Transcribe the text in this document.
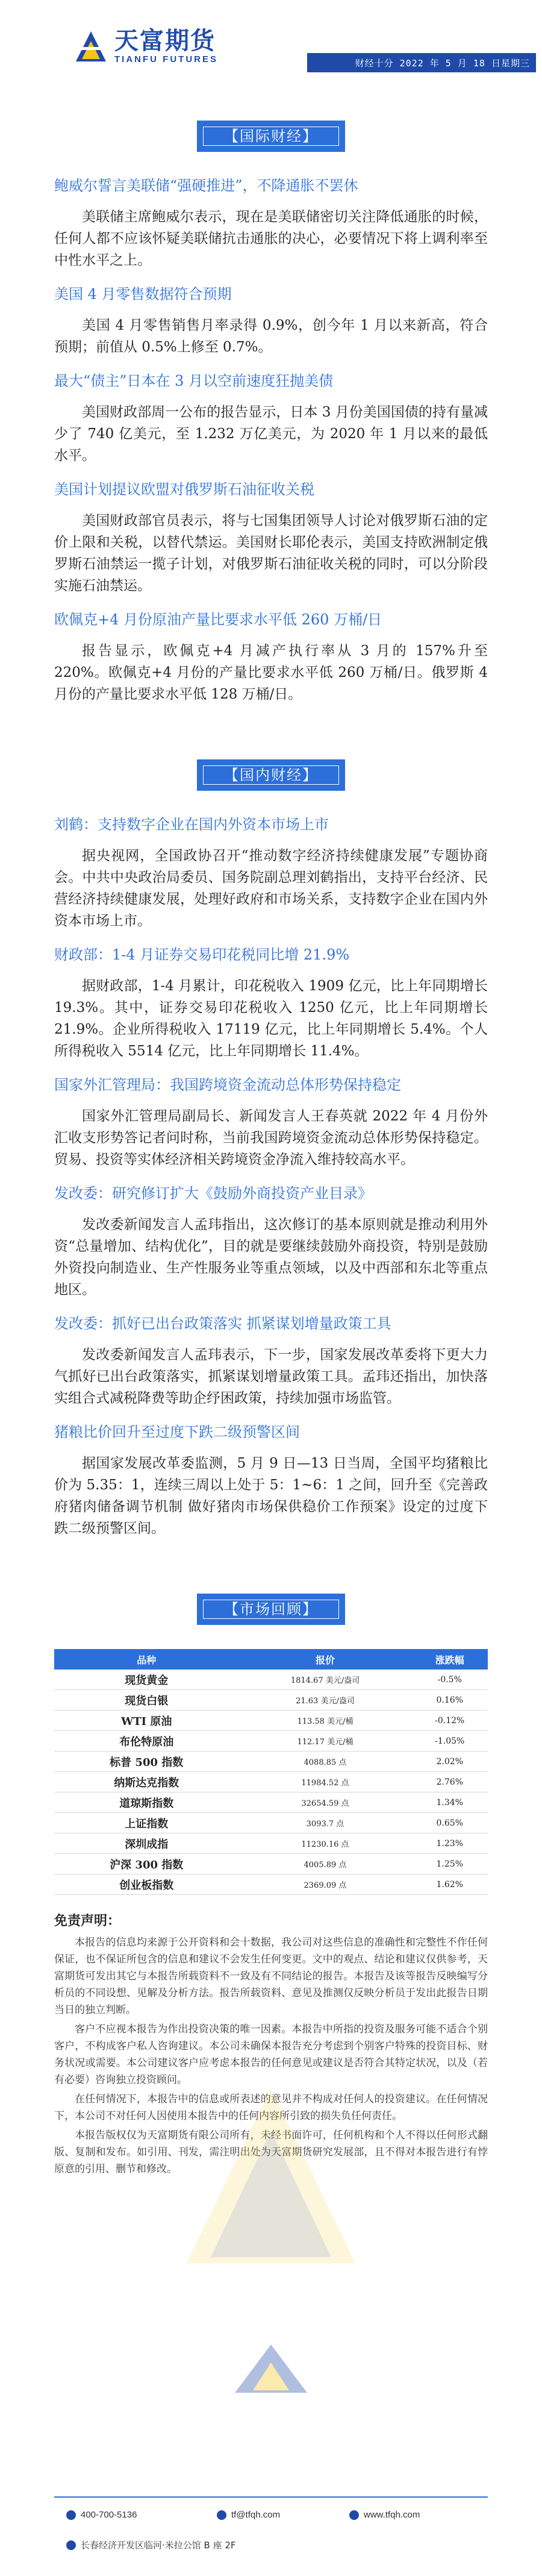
天富期货
TIANFU FUTURES	财经十分 2022 年 5 月 18 日星期三
【国际财经】
鲍威尔誓言美联储“强硬推进”，不降通胀不罢休

美联储主席鲍威尔表示，现在是美联储密切关注降低通胀的时候，任何人都不应该怀疑美联储抗击通胀的决心，必要情况下将上调利率至中性水平之上。

美国 4 月零售数据符合预期

美国 4 月零售销售月率录得 0.9%，创今年 1 月以来新高，符合预期；前值从 0.5%上修至 0.7%。

最大“债主”日本在 3 月以空前速度狂抛美债

美国财政部周一公布的报告显示，日本 3 月份美国国债的持有量减少了 740 亿美元，至 1.232 万亿美元，为 2020 年 1 月以来的最低水平。

美国计划提议欧盟对俄罗斯石油征收关税

美国财政部官员表示，将与七国集团领导人讨论对俄罗斯石油的定价上限和关税，以替代禁运。美国财长耶伦表示，美国支持欧洲制定俄罗斯石油禁运一揽子计划，对俄罗斯石油征收关税的同时，可以分阶段实施石油禁运。

欧佩克+4 月份原油产量比要求水平低 260 万桶/日

报告显示，欧佩克+4 月减产执行率从 3 月的 157%升至 220%。欧佩克+4 月份的产量比要求水平低 260 万桶/日。俄罗斯 4 月份的产量比要求水平低 128 万桶/日。

【国内财经】
刘鹤：支持数字企业在国内外资本市场上市

据央视网，全国政协召开“推动数字经济持续健康发展”专题协商会。中共中央政治局委员、国务院副总理刘鹤指出，支持平台经济、民营经济持续健康发展，处理好政府和市场关系，支持数字企业在国内外资本市场上市。

财政部：1-4 月证券交易印花税同比增 21.9%

据财政部，1-4 月累计，印花税收入 1909 亿元，比上年同期增长 19.3%。其中，证券交易印花税收入 1250 亿元，比上年同期增长 21.9%。企业所得税收入 17119 亿元，比上年同期增长 5.4%。个人所得税收入 5514 亿元，比上年同期增长 11.4%。

国家外汇管理局：我国跨境资金流动总体形势保持稳定

国家外汇管理局副局长、新闻发言人王春英就 2022 年 4 月份外汇收支形势答记者问时称，当前我国跨境资金流动总体形势保持稳定。贸易、投资等实体经济相关跨境资金净流入维持较高水平。

发改委：研究修订扩大《鼓励外商投资产业目录》

发改委新闻发言人孟玮指出，这次修订的基本原则就是推动利用外资“总量增加、结构优化”，目的就是要继续鼓励外商投资，特别是鼓励外资投向制造业、生产性服务业等重点领域，以及中西部和东北等重点地区。

发改委：抓好已出台政策落实 抓紧谋划增量政策工具

发改委新闻发言人孟玮表示，下一步，国家发展改革委将下更大力气抓好已出台政策落实，抓紧谋划增量政策工具。孟玮还指出，加快落实组合式减税降费等助企纾困政策，持续加强市场监管。

猪粮比价回升至过度下跌二级预警区间

据国家发展改革委监测，5 月 9 日—13 日当周，全国平均猪粮比价为 5.35：1，连续三周以上处于 5：1~6：1 之间，回升至《完善政府猪肉储备调节机制 做好猪肉市场保供稳价工作预案》设定的过度下跌二级预警区间。

【市场回顾】
品种	报价	涨跌幅
现货黄金	1814.67 美元/盎司	-0.5%
现货白银	21.63 美元/盎司	0.16%
WTI 原油	113.58 美元/桶	-0.12%
布伦特原油	112.17 美元/桶	-1.05%
标普 500 指数	4088.85 点	2.02%
纳斯达克指数	11984.52 点	2.76%
道琼斯指数	32654.59 点	1.34%
上证指数	3093.7 点	0.65%
深圳成指	11230.16 点	1.23%
沪深 300 指数	4005.89 点	1.25%
创业板指数	2369.09 点	1.62%
免责声明：

本报告的信息均来源于公开资料和会十数据，我公司对这些信息的准确性和完整性不作任何保证，也不保证所包含的信息和建议不会发生任何变更。文中的观点、结论和建议仅供参考，天富期货可发出其它与本报告所载资料不一致及有不同结论的报告。本报告及该等报告反映编写分析员的不同设想、见解及分析方法。报告所载资料、意见及推测仅反映分析员于发出此报告日期当日的独立判断。

客户不应视本报告为作出投资决策的唯一因素。本报告中所指的投资及服务可能不适合个别客户，不构成客户私人咨询建议。本公司未确保本报告充分考虑到个别客户特殊的投资目标、财务状况或需要。本公司建议客户应考虑本报告的任何意见或建议是否符合其特定状况，以及（若有必要）咨询独立投资顾问。

在任何情况下，本报告中的信息或所表述的意见并不构成对任何人的投资建议。在任何情况下，本公司不对任何人因使用本报告中的任何内容所引致的损失负任何责任。

本报告版权仅为天富期货有限公司所有，未经书面许可，任何机构和个人不得以任何形式翻版、复制和发布。如引用、刊发，需注明出处为天富期货研究发展部，且不得对本报告进行有悖原意的引用、删节和修改。

400-700-5136	tf@tfqh.com	www.tfqh.com
长春经济开发区临河·米拉公馆 B 座 2F
